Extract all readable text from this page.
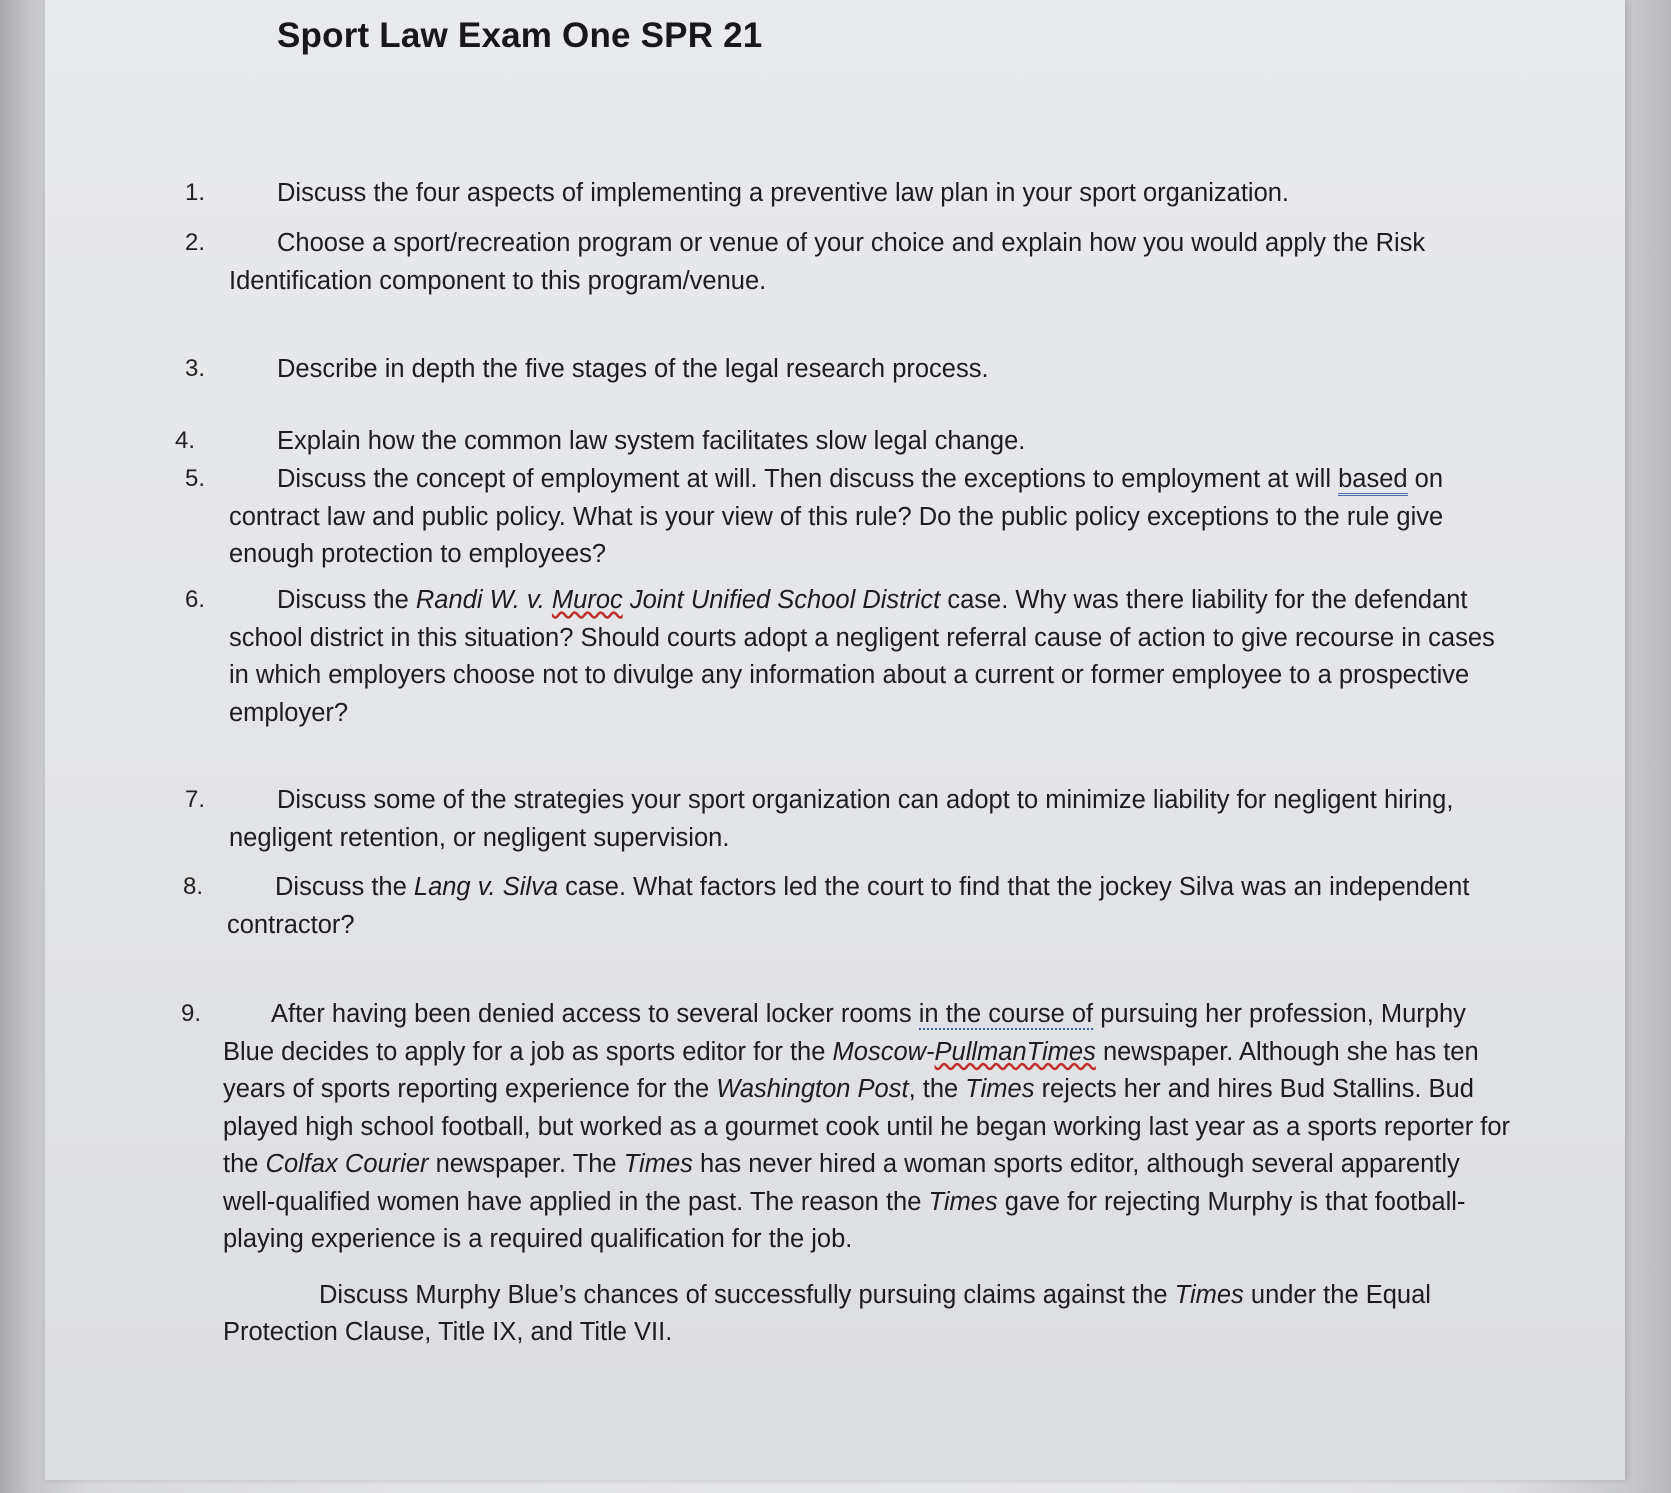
Sport Law Exam One SPR 21
1.	Discuss the four aspects of implementing a preventive law plan in your sport organization.

2.	Choose a sport/recreation program or venue of your choice and explain how you would apply the Risk Identification component to this program/venue.

3.	Describe in depth the five stages of the legal research process.

4.	Explain how the common law system facilitates slow legal change.

5.	Discuss the concept of employment at will. Then discuss the exceptions to employment at will based on contract law and public policy. What is your view of this rule? Do the public policy exceptions to the rule give enough protection to employees?

6.	Discuss the Randi W. v. Muroc Joint Unified School District case. Why was there liability for the defendant school district in this situation? Should courts adopt a negligent referral cause of action to give recourse in cases in which employers choose not to divulge any information about a current or former employee to a prospective employer?

7.	Discuss some of the strategies your sport organization can adopt to minimize liability for negligent hiring, negligent retention, or negligent supervision.

8.	Discuss the Lang v. Silva case. What factors led the court to find that the jockey Silva was an independent contractor?

9.	After having been denied access to several locker rooms in the course of pursuing her profession, Murphy Blue decides to apply for a job as sports editor for the Moscow-PullmanTimes newspaper. Although she has ten years of sports reporting experience for the Washington Post, the Times rejects her and hires Bud Stallins. Bud played high school football, but worked as a gourmet cook until he began working last year as a sports reporter for the Colfax Courier newspaper. The Times has never hired a woman sports editor, although several apparently well-qualified women have applied in the past. The reason the Times gave for rejecting Murphy is that football-playing experience is a required qualification for the job.

Discuss Murphy Blue’s chances of successfully pursuing claims against the Times under the Equal Protection Clause, Title IX, and Title VII.
